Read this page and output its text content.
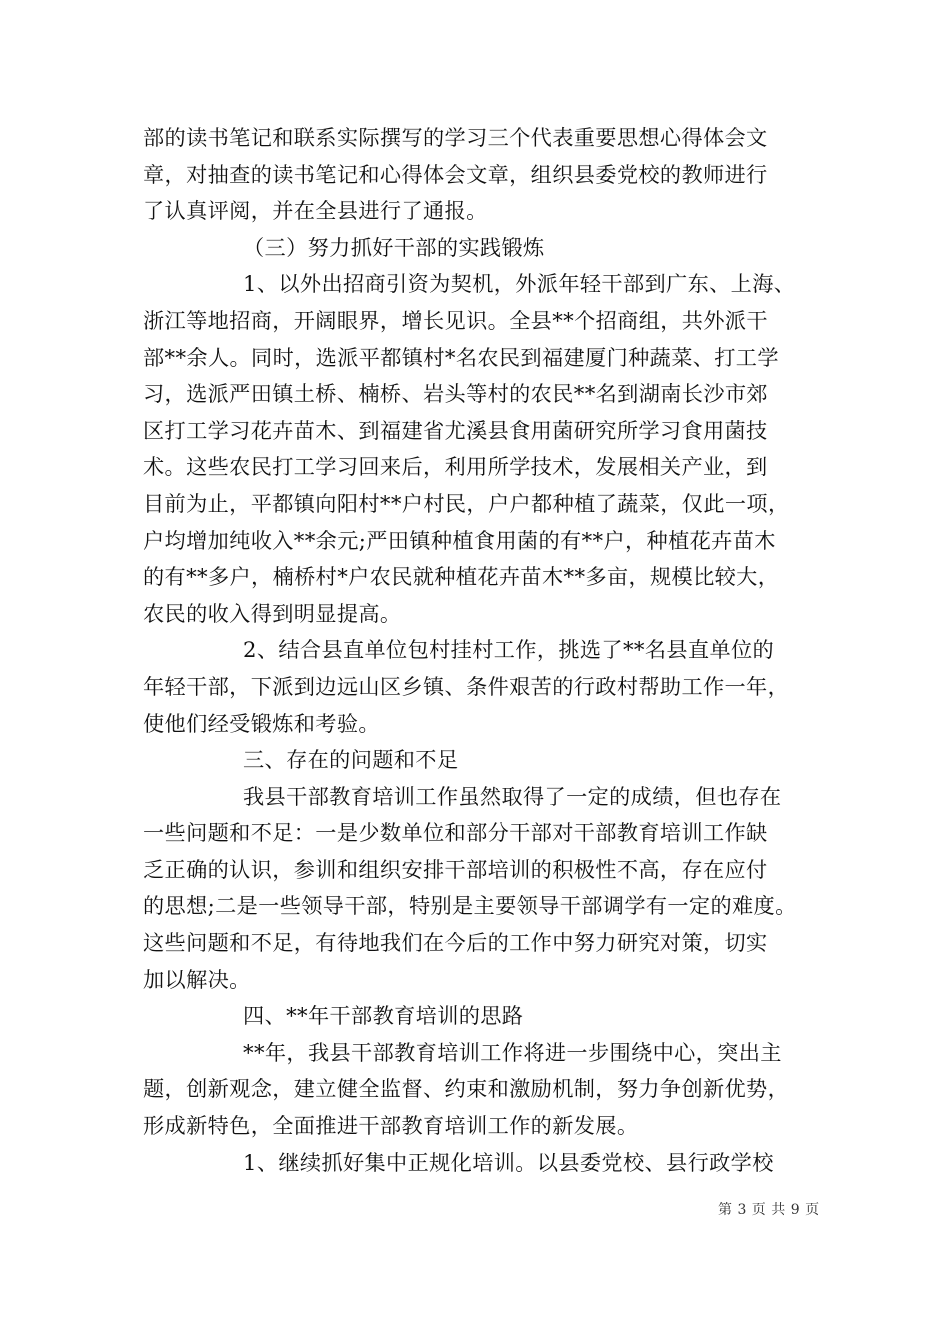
部的读书笔记和联系实际撰写的学习三个代表重要思想心得体会文
章，对抽查的读书笔记和心得体会文章，组织县委党校的教师进行
了认真评阅，并在全县进行了通报。
（三）努力抓好干部的实践锻炼
1、以外出招商引资为契机，外派年轻干部到广东、上海、
浙江等地招商，开阔眼界，增长见识。全县**个招商组，共外派干
部**余人。同时，选派平都镇村*名农民到福建厦门种蔬菜、打工学
习，选派严田镇土桥、楠桥、岩头等村的农民**名到湖南长沙市郊
区打工学习花卉苗木、到福建省尤溪县食用菌研究所学习食用菌技
术。这些农民打工学习回来后，利用所学技术，发展相关产业，到
目前为止，平都镇向阳村**户村民，户户都种植了蔬菜，仅此一项，
户均增加纯收入**余元;严田镇种植食用菌的有**户，种植花卉苗木
的有**多户，楠桥村*户农民就种植花卉苗木**多亩，规模比较大，
农民的收入得到明显提高。
2、结合县直单位包村挂村工作，挑选了**名县直单位的
年轻干部，下派到边远山区乡镇、条件艰苦的行政村帮助工作一年，
使他们经受锻炼和考验。
三、存在的问题和不足
我县干部教育培训工作虽然取得了一定的成绩，但也存在
一些问题和不足：一是少数单位和部分干部对干部教育培训工作缺
乏正确的认识，参训和组织安排干部培训的积极性不高，存在应付
的思想;二是一些领导干部，特别是主要领导干部调学有一定的难度。
这些问题和不足，有待地我们在今后的工作中努力研究对策，切实
加以解决。
四、**年干部教育培训的思路
**年，我县干部教育培训工作将进一步围绕中心，突出主
题，创新观念，建立健全监督、约束和激励机制，努力争创新优势，
形成新特色，全面推进干部教育培训工作的新发展。
1、继续抓好集中正规化培训。以县委党校、县行政学校
第 3 页 共 9 页
